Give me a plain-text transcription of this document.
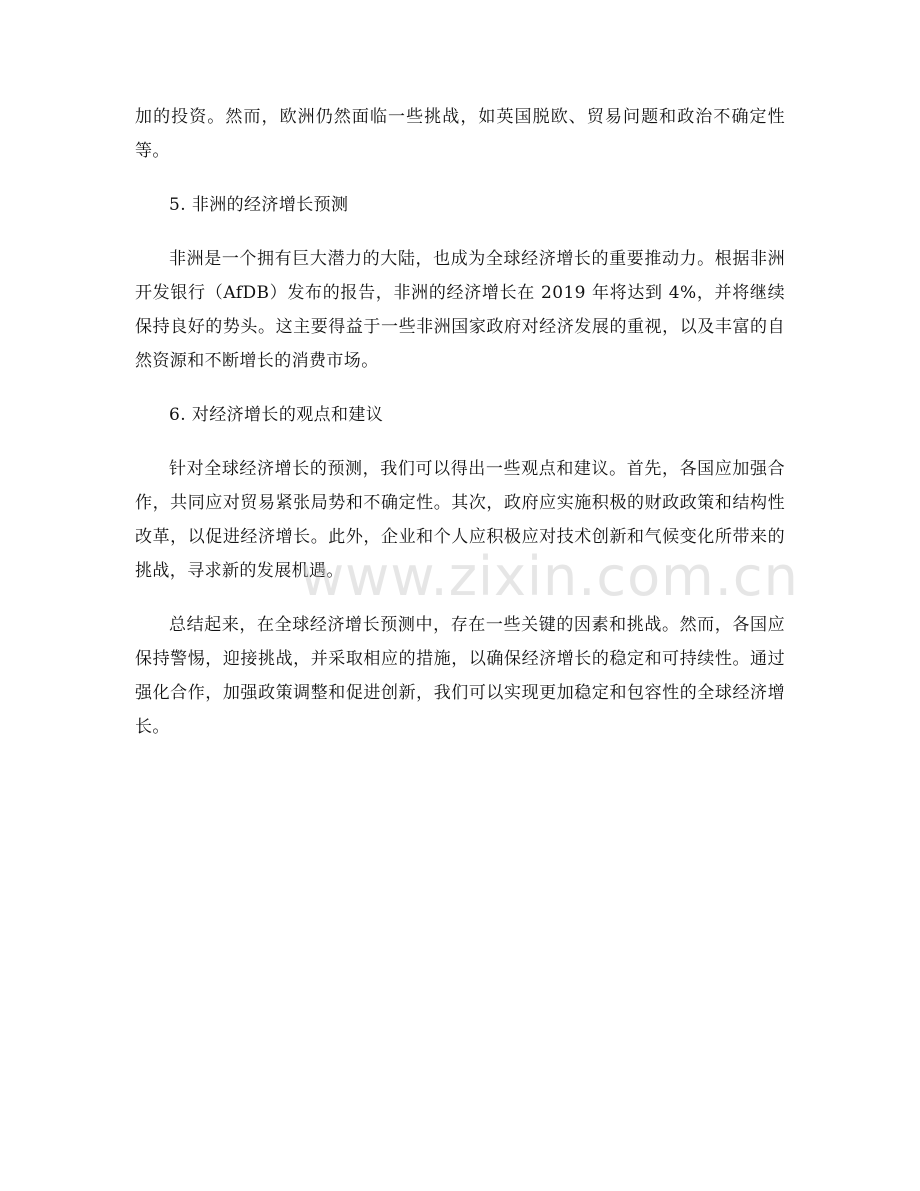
加的投资。然而，欧洲仍然面临一些挑战，如英国脱欧、贸易问题和政治不确定性等。

5. 非洲的经济增长预测

非洲是一个拥有巨大潜力的大陆，也成为全球经济增长的重要推动力。根据非洲开发银行（AfDB）发布的报告，非洲的经济增长在 2019 年将达到 4%，并将继续保持良好的势头。这主要得益于一些非洲国家政府对经济发展的重视，以及丰富的自然资源和不断增长的消费市场。

6. 对经济增长的观点和建议

针对全球经济增长的预测，我们可以得出一些观点和建议。首先，各国应加强合作，共同应对贸易紧张局势和不确定性。其次，政府应实施积极的财政政策和结构性改革，以促进经济增长。此外，企业和个人应积极应对技术创新和气候变化所带来的挑战，寻求新的发展机遇。

总结起来，在全球经济增长预测中，存在一些关键的因素和挑战。然而，各国应保持警惕，迎接挑战，并采取相应的措施，以确保经济增长的稳定和可持续性。通过强化合作，加强政策调整和促进创新，我们可以实现更加稳定和包容性的全球经济增长。

www.zixin.com.cn
